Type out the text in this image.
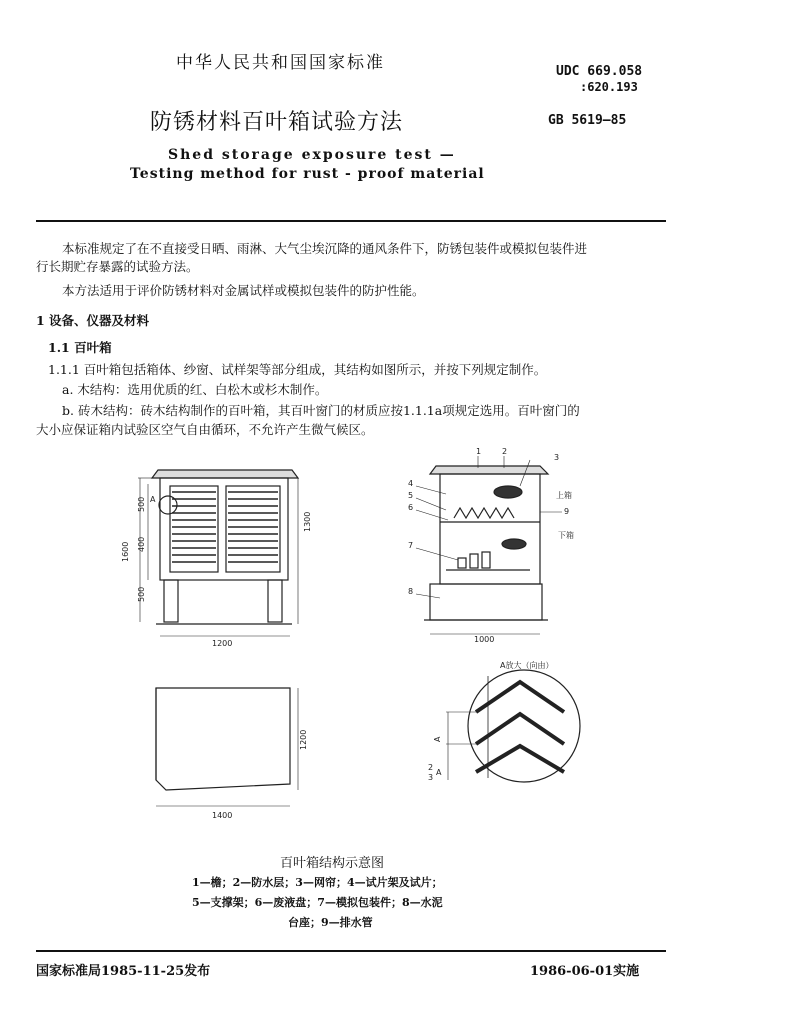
中华人民共和国国家标准	UDC 669.058
:620.193
防锈材料百叶箱试验方法	GB 5619—85
Shed storage exposure test —
Testing method for rust - proof material
本标准规定了在不直接受日晒、雨淋、大气尘埃沉降的通风条件下，防锈包装件或模拟包装件进
行长期贮存暴露的试验方法。
本方法适用于评价防锈材料对金属试样或模拟包装件的防护性能。
1 设备、仪器及材料
1.1 百叶箱
1.1.1 百叶箱包括箱体、纱窗、试样架等部分组成，其结构如图所示，并按下列规定制作。
a. 木结构：选用优质的红、白松木或杉木制作。
b. 砖木结构：砖木结构制作的百叶箱，其百叶窗门的材质应按1.1.1a项规定选用。百叶窗门的
大小应保证箱内试验区空气自由循环，不允许产生微气候区。
A
500
400
1600
500
1300
1200
1	2
3
4
5
6
7
8
9
上箱
下箱
1000
1200
1400
A放大（向由）
A
2
3
A
百叶箱结构示意图
1—檐；2—防水层；3—网帘；4—试片架及试片；
5—支撑架；6—废液盘；7—模拟包装件；8—水泥
台座；9—排水管
国家标准局1985-11-25发布	1986-06-01实施
